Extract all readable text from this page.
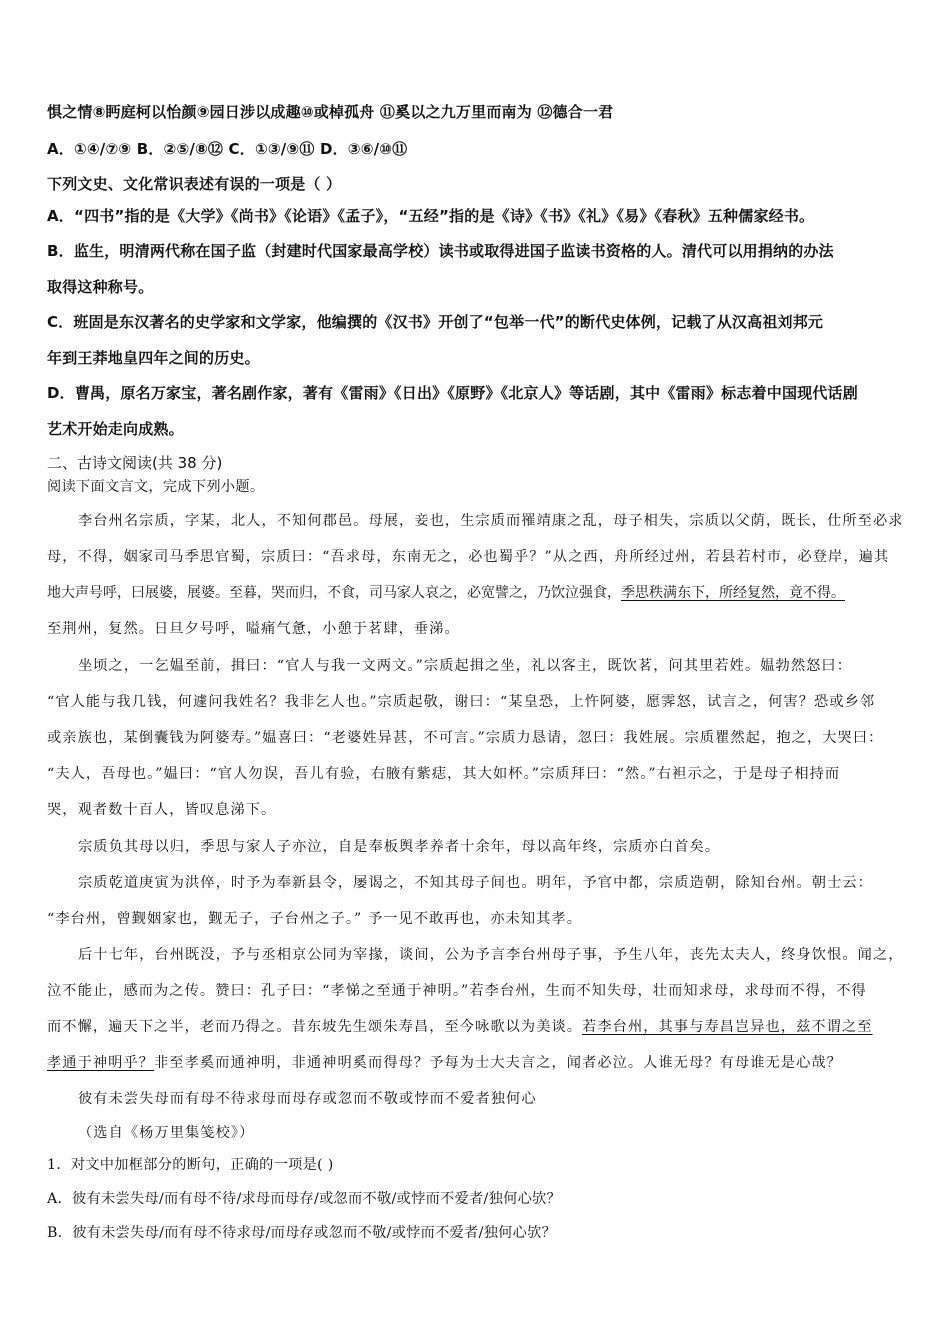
惧之情⑧眄庭柯以怡颜⑨园日涉以成趣⑩或棹孤舟 ⑪奚以之九万里而南为 ⑫德合一君
A．①④/⑦⑨ B．②⑤/⑧⑫ C．①③/⑨⑪ D．③⑥/⑩⑪
下列文史、文化常识表述有误的一项是（ ）
A．“四书”指的是《大学》《尚书》《论语》《孟子》，“五经”指的是《诗》《书》《礼》《易》《春秋》五种儒家经书。
B．监生，明清两代称在国子监（封建时代国家最高学校）读书或取得进国子监读书资格的人。清代可以用捐纳的办法
取得这种称号。
C．班固是东汉著名的史学家和文学家，他编撰的《汉书》开创了“包举一代”的断代史体例，记载了从汉高祖刘邦元
年到王莽地皇四年之间的历史。
D．曹禺，原名万家宝，著名剧作家，著有《雷雨》《日出》《原野》《北京人》等话剧，其中《雷雨》标志着中国现代话剧
艺术开始走向成熟。
二、古诗文阅读(共 38 分)
阅读下面文言文，完成下列小题。
李台州名宗质，字某，北人，不知何郡邑。母展，妾也，生宗质而罹靖康之乱，母子相失，宗质以父荫，既长，仕所至必求
母，不得，姻家司马季思官蜀，宗质曰：“吾求母，东南无之，必也蜀乎？”从之西，舟所经过州，若县若村市，必登岸，遍其
地大声号呼，曰展婆，展婆。至暮，哭而归，不食，司马家人哀之，必宽譬之，乃饮泣强食，季思秩满东下，所经复然，竟不得。
至荆州，复然。日旦夕号呼，嗌痛气惫，小憩于茗肆，垂涕。
坐顷之，一乞媪至前，揖曰：“官人与我一文两文。”宗质起揖之坐，礼以客主，既饮茗，问其里若姓。媪勃然怒曰：
“官人能与我几钱，何遽问我姓名？我非乞人也。”宗质起敬，谢曰：“某皇恐，上忤阿婆，愿霁怒，试言之，何害？恐或乡邻
或亲族也，某倒囊钱为阿婆寿。”媪喜曰：“老婆姓异甚，不可言。”宗质力恳请，忽曰：我姓展。宗质瞿然起，抱之，大哭曰：
“夫人，吾母也。”媪曰：“官人勿误，吾儿有验，右腋有紫痣，其大如杯。”宗质拜曰：“然。”右袒示之，于是母子相持而
哭，观者数十百人，皆叹息涕下。
宗质负其母以归，季思与家人子亦泣，自是奉板舆孝养者十余年，母以高年终，宗质亦白首矣。
宗质乾道庚寅为洪倅，时予为奉新县令，屡谒之，不知其母子间也。明年，予官中都，宗质造朝，除知台州。朝士云：
“李台州，曾觐姻家也，觐无子，子台州之子。” 予一见不敢再也，亦未知其孝。
后十七年，台州既没，予与丞相京公同为宰掾，谈间，公为予言李台州母子事，予生八年，丧先太夫人，终身饮恨。闻之，
泣不能止，感而为之传。赞曰：孔子曰：“孝悌之至通于神明。”若李台州，生而不知失母，壮而知求母，求母而不得，不得
而不懈，遍天下之半，老而乃得之。昔东坡先生颂朱寿昌，至今咏歌以为美谈。若李台州，其事与寿昌岂异也，兹不谓之至
孝通于神明乎？非至孝奚而通神明，非通神明奚而得母？予每为士大夫言之，闻者必泣。人谁无母？有母谁无是心哉？
彼有未尝失母而有母不待求母而母存或忽而不敬或悖而不爱者独何心
（选自《杨万里集笺校》）
1．对文中加框部分的断句，正确的一项是( )
A．彼有未尝失母/而有母不待/求母而母存/或忽而不敬/或悖而不爱者/独何心欤？
B．彼有未尝失母/而有母不待求母/而母存或忽而不敬/或悖而不爱者/独何心欤？
